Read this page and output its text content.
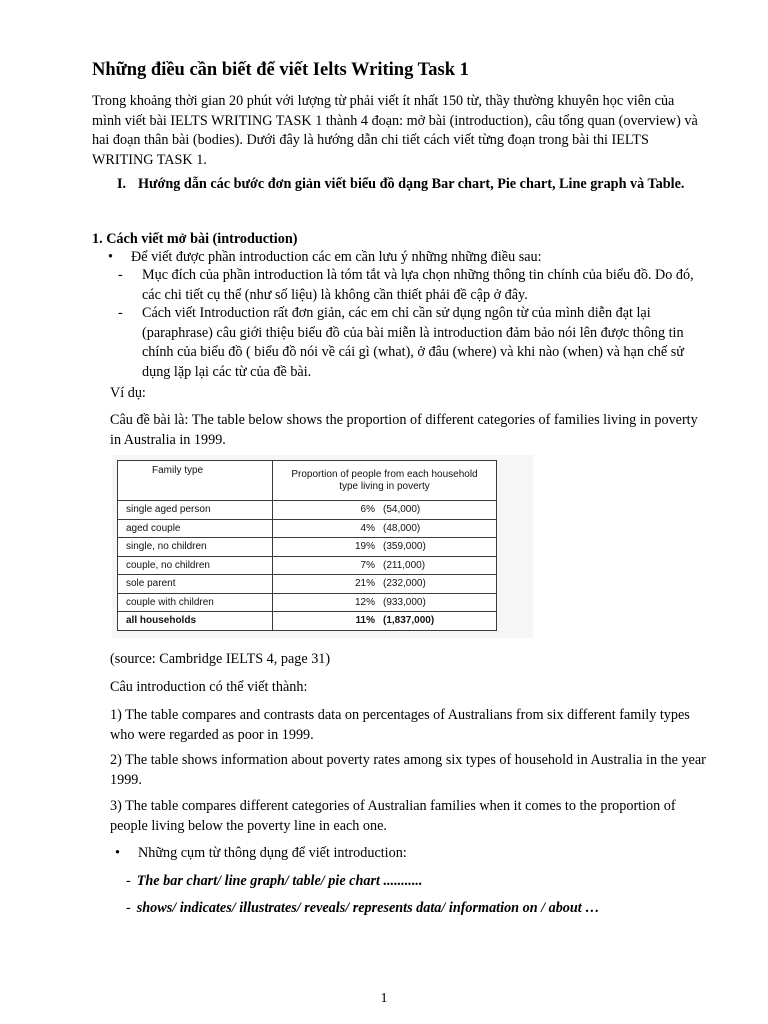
Những điều cần biết để viết Ielts Writing Task 1

Trong khoảng thời gian 20 phút với lượng từ phải viết ít nhất 150 từ, thầy thường khuyên học viên của mình viết bài IELTS WRITING TASK 1 thành 4 đoạn: mở bài (introduction), câu tổng quan (overview) và hai đoạn thân bài (bodies). Dưới đây là hướng dẫn chi tiết cách viết từng đoạn trong bài thi IELTS WRITING TASK 1.

I. Hướng dẫn các bước đơn giản viết biểu đồ dạng Bar chart, Pie chart, Line graph và Table.
1. Cách viết mở bài (introduction)
• Để viết được phần introduction các em cần lưu ý những những điều sau:
- Mục đích của phần introduction là tóm tắt và lựa chọn những thông tin chính của biểu đồ. Do đó, các chi tiết cụ thể (như số liệu) là không cần thiết phải đề cập ở đây.
- Cách viết Introduction rất đơn giản, các em chỉ cần sử dụng ngôn từ của mình diễn đạt lại (paraphrase) câu giới thiệu biểu đồ của bài miễn là introduction đảm bảo nói lên được thông tin chính của biểu đồ ( biểu đồ nói về cái gì (what), ở đâu (where) và khi nào (when) và hạn chế sử dụng lặp lại các từ của đề bài.

Ví dụ:

Câu đề bài là: The table below shows the proportion of different categories of families living in poverty in Australia in 1999.

Family type	Proportion of people from each household type living in poverty
single aged person	6% (54,000)
aged couple	4% (48,000)
single, no children	19% (359,000)
couple, no children	7% (211,000)
sole parent	21% (232,000)
couple with children	12% (933,000)
all households	11% (1,837,000)

(source: Cambridge IELTS 4, page 31)

Câu introduction có thể viết thành:

1) The table compares and contrasts data on percentages of Australians from six different family types who were regarded as poor in 1999.

2) The table shows information about poverty rates among six types of household in Australia in the year 1999.

3) The table compares different categories of Australian families when it comes to the proportion of people living below the poverty line in each one.

• Những cụm từ thông dụng để viết introduction:
- The bar chart/ line graph/ table/ pie chart ...........
- shows/ indicates/ illustrates/ reveals/ represents data/ information on / about …
1
